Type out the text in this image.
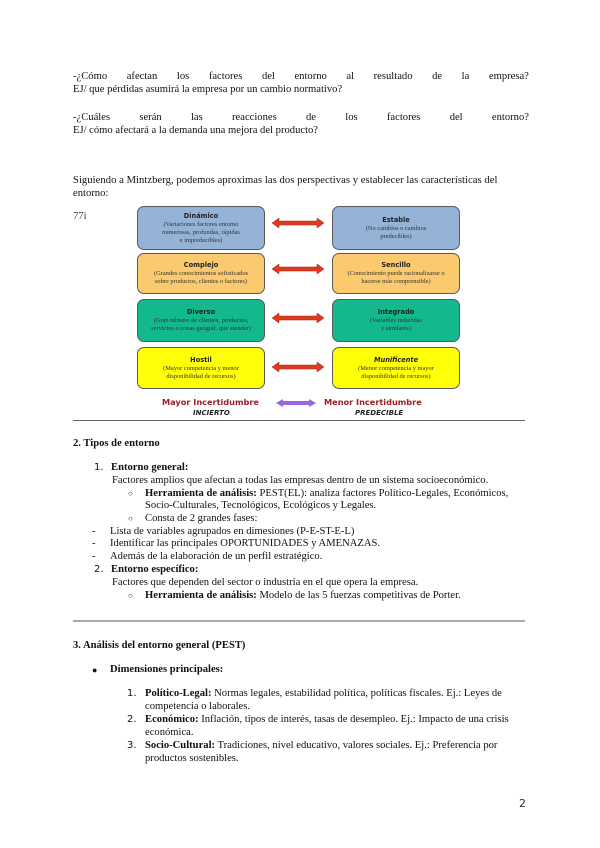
-¿Cómo afectan los factores del entorno al resultado de la empresa?
EJ/ que pérdidas asumirá la empresa por un cambio normativo?
-¿Cuáles	serán	las	reacciones	de	los	factores	del	entorno?
EJ/ cómo afectará a la demanda una mejora del producto?
Siguiendo a Mintzberg, podemos aproximas las dos perspectivas y establecer las características del
entorno:
77i	Dinámico
(Variaciones factores entorno
numerosas, profundas, rápidas
e impredecibles)
Estable
(No cambios o cambios
predecibles)
Complejo
(Grandes conocimientos sofisticados
sobre productos, clientes o factores)
Sencillo
(Conocimiento puede racionalizarse o
hacerse más comprensible)
Diverso
(Gran número de clientes, productos,
servicios o zonas geográf. que atender)
Integrado
(Variables reducidas
y similares)
Hostil
(Mayor competencia y menor
disponibilidad de recursos)
Munificente
(Menor competencia y mayor
disponibilidad de recursos)
Mayor Incertidumbre	Menor Incertidumbre
INCIERTO	PREDECIBLE
2. Tipos de entorno
1. Entorno general:
Factores amplios que afectan a todas las empresas dentro de un sistema socioeconómico.
○ Herramienta de análisis: PEST(EL): analiza factores Político-Legales, Económicos,
Socio-Culturales, Tecnológicos, Ecológicos y Legales.
○ Consta de 2 grandes fases:
- Lista de variables agrupados en dimesiones (P-E-ST-E-L)
- Identificar las principales OPORTUNIDADES y AMENAZAS.
- Además de la elaboración de un perfil estratégico.
2. Entorno específico:
Factores que dependen del sector o industria en el que opera la empresa.
○ Herramienta de análisis: Modelo de las 5 fuerzas competitivas de Porter.
3. Análisis del entorno general (PEST)
● Dimensiones principales:
1. Político-Legal: Normas legales, estabilidad política, políticas fiscales. Ej.: Leyes de
competencia o laborales.
2. Económico: Inflación, tipos de interés, tasas de desempleo. Ej.: Impacto de una crisis
económica.
3. Socio-Cultural: Tradiciones, nivel educativo, valores sociales. Ej.: Preferencia por
productos sostenibles.
2
